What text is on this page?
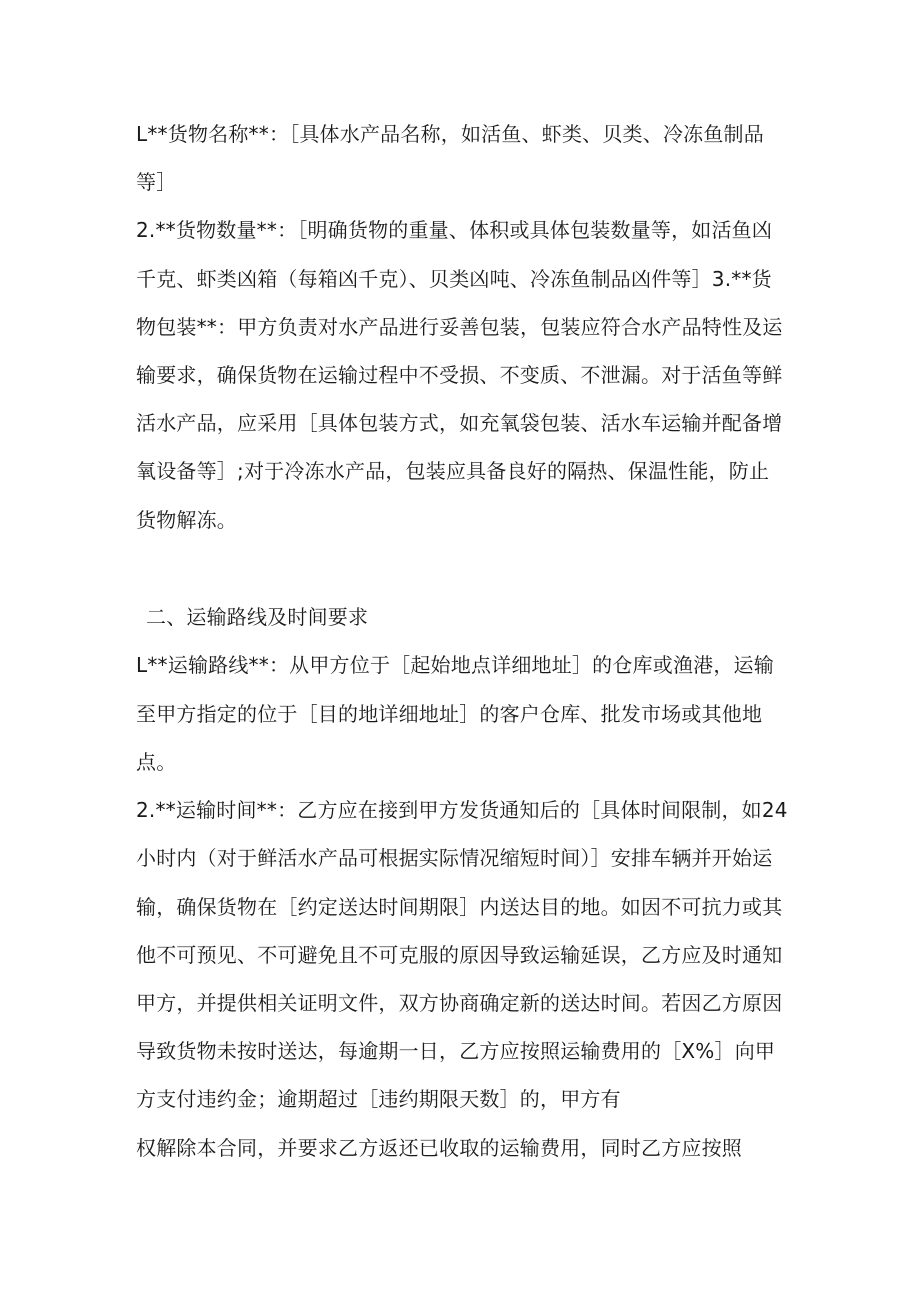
L**货物名称**：［具体水产品名称，如活鱼、虾类、贝类、冷冻鱼制品
等］
2.**货物数量**：［明确货物的重量、体积或具体包装数量等，如活鱼凶
千克、虾类凶箱（每箱凶千克）、贝类凶吨、冷冻鱼制品凶件等］3.**货
物包装**：甲方负责对水产品进行妥善包装，包装应符合水产品特性及运
输要求，确保货物在运输过程中不受损、不变质、不泄漏。对于活鱼等鲜
活水产品，应采用［具体包装方式，如充氧袋包装、活水车运输并配备增
氧设备等］;对于冷冻水产品，包装应具备良好的隔热、保温性能，防止
货物解冻。
二、运输路线及时间要求
L**运输路线**：从甲方位于［起始地点详细地址］的仓库或渔港，运输
至甲方指定的位于［目的地详细地址］的客户仓库、批发市场或其他地
点。
2.**运输时间**：乙方应在接到甲方发货通知后的［具体时间限制，如24
小时内（对于鲜活水产品可根据实际情况缩短时间）］安排车辆并开始运
输，确保货物在［约定送达时间期限］内送达目的地。如因不可抗力或其
他不可预见、不可避免且不可克服的原因导致运输延误，乙方应及时通知
甲方，并提供相关证明文件，双方协商确定新的送达时间。若因乙方原因
导致货物未按时送达，每逾期一日，乙方应按照运输费用的［X%］向甲
方支付违约金；逾期超过［违约期限天数］的，甲方有
权解除本合同，并要求乙方返还已收取的运输费用，同时乙方应按照
